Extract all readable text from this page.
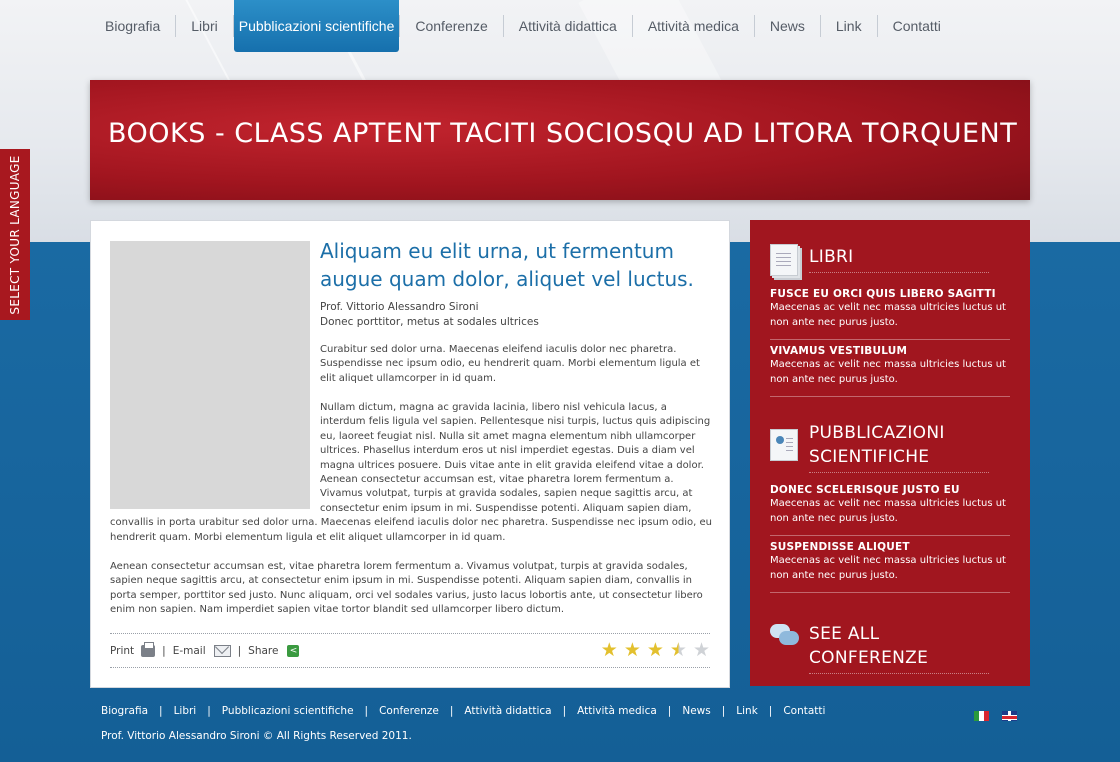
Biografia Libri Pubblicazioni scientifiche Conferenze Attività didattica Attività medica News Link Contatti
BOOKS - CLASS APTENT TACITI SOCIOSQU AD LITORA TORQUENT
SELECT YOUR LANGUAGE	Aliquam eu elit urna, ut fermentum augue quam dolor, aliquet vel luctus.
Prof. Vittorio Alessandro Sironi
Donec porttitor, metus at sodales ultrices

Curabitur sed dolor urna. Maecenas eleifend iaculis dolor nec pharetra. Suspendisse nec ipsum odio, eu hendrerit quam. Morbi elementum ligula et elit aliquet ullamcorper in id quam.

Nullam dictum, magna ac gravida lacinia, libero nisl vehicula lacus, a interdum felis ligula vel sapien. Pellentesque nisi turpis, luctus quis adipiscing eu, laoreet feugiat nisl. Nulla sit amet magna elementum nibh ullamcorper ultrices. Phasellus interdum eros ut nisl imperdiet egestas. Duis a diam vel magna ultrices posuere. Duis vitae ante in elit gravida eleifend vitae a dolor. Aenean consectetur accumsan est, vitae pharetra lorem fermentum a. Vivamus volutpat, turpis at gravida sodales, sapien neque sagittis arcu, at consectetur enim ipsum in mi. Suspendisse potenti. Aliquam sapien diam, convallis in porta urabitur sed dolor urna. Maecenas eleifend iaculis dolor nec pharetra. Suspendisse nec ipsum odio, eu hendrerit quam. Morbi elementum ligula et elit aliquet ullamcorper in id quam.

Aenean consectetur accumsan est, vitae pharetra lorem fermentum a. Vivamus volutpat, turpis at gravida sodales, sapien neque sagittis arcu, at consectetur enim ipsum in mi. Suspendisse potenti. Aliquam sapien diam, convallis in porta semper, porttitor sed justo. Nunc aliquam, orci vel sodales varius, justo lacus lobortis ante, ut consectetur libero enim non sapien. Nam imperdiet sapien vitae tortor blandit sed ullamcorper libero dictum.

Print	| E-mail	| Share <	★ ★ ★ ★ ★
LIBRI
FUSCE EU ORCI QUIS LIBERO SAGITTI
Maecenas ac velit nec massa ultricies luctus ut non ante nec purus justo.
VIVAMUS VESTIBULUM
Maecenas ac velit nec massa ultricies luctus ut non ante nec purus justo.
PUBBLICAZIONI
SCIENTIFICHE
DONEC SCELERISQUE JUSTO EU
Maecenas ac velit nec massa ultricies luctus ut non ante nec purus justo.
SUSPENDISSE ALIQUET
Maecenas ac velit nec massa ultricies luctus ut non ante nec purus justo.
SEE ALL CONFERENZE
Biografia | Libri | Pubblicazioni scientifiche | Conferenze | Attività didattica | Attività medica | News | Link | Contatti
Prof. Vittorio Alessandro Sironi © All Rights Reserved 2011.
